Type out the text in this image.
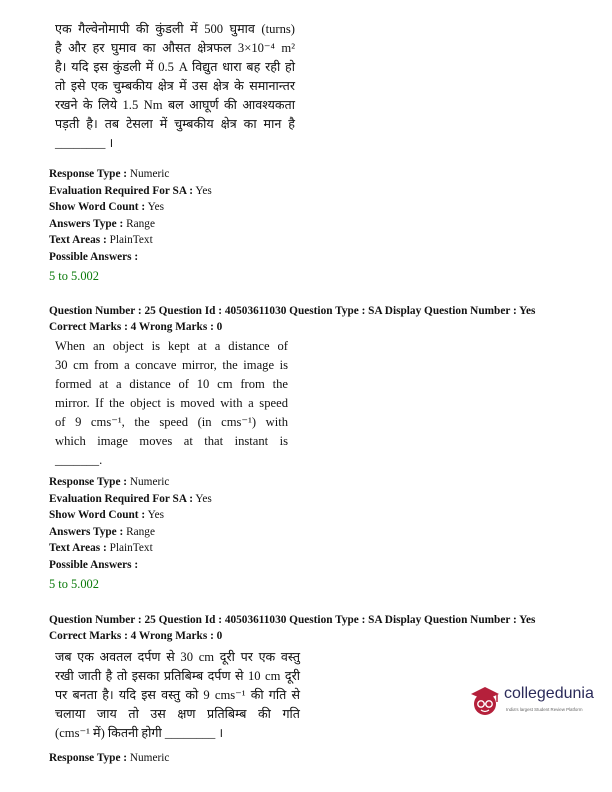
एक गैल्वेनोमापी की कुंडली में 500 घुमाव (turns)
है और हर घुमाव का औसत क्षेत्रफल 3×10⁻⁴ m²
है। यदि इस कुंडली में 0.5 A विद्युत धारा बह रही हो
तो इसे एक चुम्बकीय क्षेत्र में उस क्षेत्र के समानान्तर
रखने के लिये 1.5 Nm बल आघूर्ण की आवश्यकता
पड़ती है। तब टेसला में चुम्बकीय क्षेत्र का मान है
________ ।
Response Type : Numeric
Evaluation Required For SA : Yes
Show Word Count : Yes
Answers Type : Range
Text Areas : PlainText
Possible Answers :
5 to 5.002
Question Number : 25 Question Id : 40503611030 Question Type : SA Display Question Number : Yes
Correct Marks : 4 Wrong Marks : 0
When an object is kept at a distance of
30 cm from a concave mirror, the image is
formed at a distance of 10 cm from the
mirror. If the object is moved with a speed
of 9 cms⁻¹, the speed (in cms⁻¹) with
which image moves at that instant is
_______.
Response Type : Numeric
Evaluation Required For SA : Yes
Show Word Count : Yes
Answers Type : Range
Text Areas : PlainText
Possible Answers :
5 to 5.002
Question Number : 25 Question Id : 40503611030 Question Type : SA Display Question Number : Yes
Correct Marks : 4 Wrong Marks : 0
जब एक अवतल दर्पण से 30 cm दूरी पर एक वस्तु
रखी जाती है तो इसका प्रतिबिम्ब दर्पण से 10 cm दूरी
पर बनता है। यदि इस वस्तु को 9 cms⁻¹ की गति से
चलाया जाय तो उस क्षण प्रतिबिम्ब की गति
(cms⁻¹ में) कितनी होगी ________ ।
Response Type : Numeric
collegedunia
India's largest Student Review Platform
